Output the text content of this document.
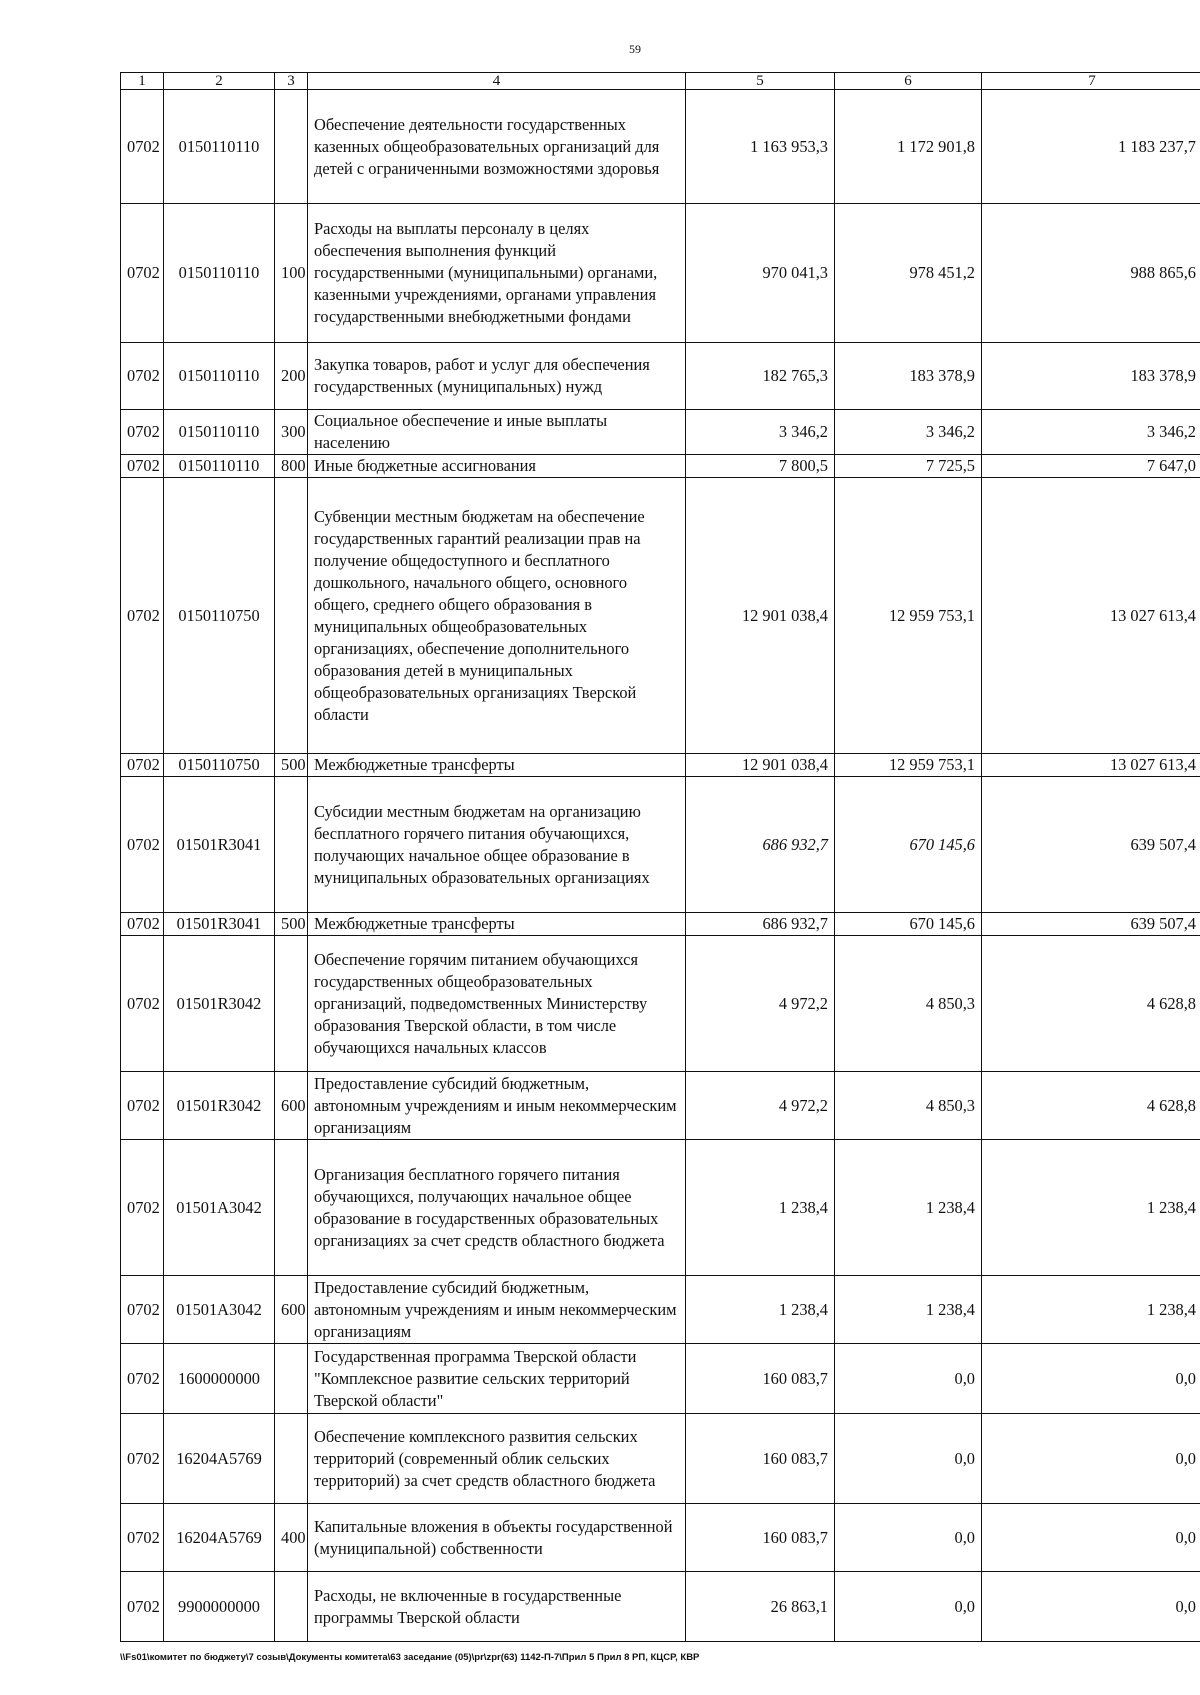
59
1	2	3	4	5	6	7
0702	0150110110		Обеспечение деятельности государственных казенных общеобразовательных организаций для детей с ограниченными возможностями здоровья	1 163 953,3	1 172 901,8	1 183 237,7
0702	0150110110	100	Расходы на выплаты персоналу в целях обеспечения выполнения функций государственными (муниципальными) органами, казенными учреждениями, органами управления государственными внебюджетными фондами	970 041,3	978 451,2	988 865,6
0702	0150110110	200	Закупка товаров, работ и услуг для обеспечения государственных (муниципальных) нужд	182 765,3	183 378,9	183 378,9
0702	0150110110	300	Социальное обеспечение и иные выплаты населению	3 346,2	3 346,2	3 346,2
0702	0150110110	800	Иные бюджетные ассигнования	7 800,5	7 725,5	7 647,0
0702	0150110750		Субвенции местным бюджетам на обеспечение государственных гарантий реализации прав на получение общедоступного и бесплатного дошкольного, начального общего, основного общего, среднего общего образования в муниципальных общеобразовательных организациях, обеспечение дополнительного образования детей в муниципальных общеобразовательных организациях Тверской области	12 901 038,4	12 959 753,1	13 027 613,4
0702	0150110750	500	Межбюджетные трансферты	12 901 038,4	12 959 753,1	13 027 613,4
0702	01501R3041		Субсидии местным бюджетам на организацию бесплатного горячего питания обучающихся, получающих начальное общее образование в муниципальных образовательных организациях	686 932,7	670 145,6	639 507,4
0702	01501R3041	500	Межбюджетные трансферты	686 932,7	670 145,6	639 507,4
0702	01501R3042		Обеспечение горячим питанием обучающихся государственных общеобразовательных организаций, подведомственных Министерству образования Тверской области, в том числе обучающихся начальных классов	4 972,2	4 850,3	4 628,8
0702	01501R3042	600	Предоставление субсидий бюджетным, автономным учреждениям и иным некоммерческим организациям	4 972,2	4 850,3	4 628,8
0702	01501A3042		Организация бесплатного горячего питания обучающихся, получающих начальное общее образование в государственных образовательных организациях за счет средств областного бюджета	1 238,4	1 238,4	1 238,4
0702	01501A3042	600	Предоставление субсидий бюджетным, автономным учреждениям и иным некоммерческим организациям	1 238,4	1 238,4	1 238,4
0702	1600000000		Государственная программа Тверской области "Комплексное развитие сельских территорий Тверской области"	160 083,7	0,0	0,0
0702	16204A5769		Обеспечение комплексного развития сельских территорий (современный облик сельских территорий) за счет средств областного бюджета	160 083,7	0,0	0,0
0702	16204A5769	400	Капитальные вложения в объекты государственной (муниципальной) собственности	160 083,7	0,0	0,0
0702	9900000000		Расходы, не включенные в государственные программы Тверской области	26 863,1	0,0	0,0
\\Fs01\комитет по бюджету\7 созыв\Документы комитета\63 заседание (05)\pr\zpr(63) 1142-П-7\Прил 5 Прил 8 РП, КЦСР, КВР
